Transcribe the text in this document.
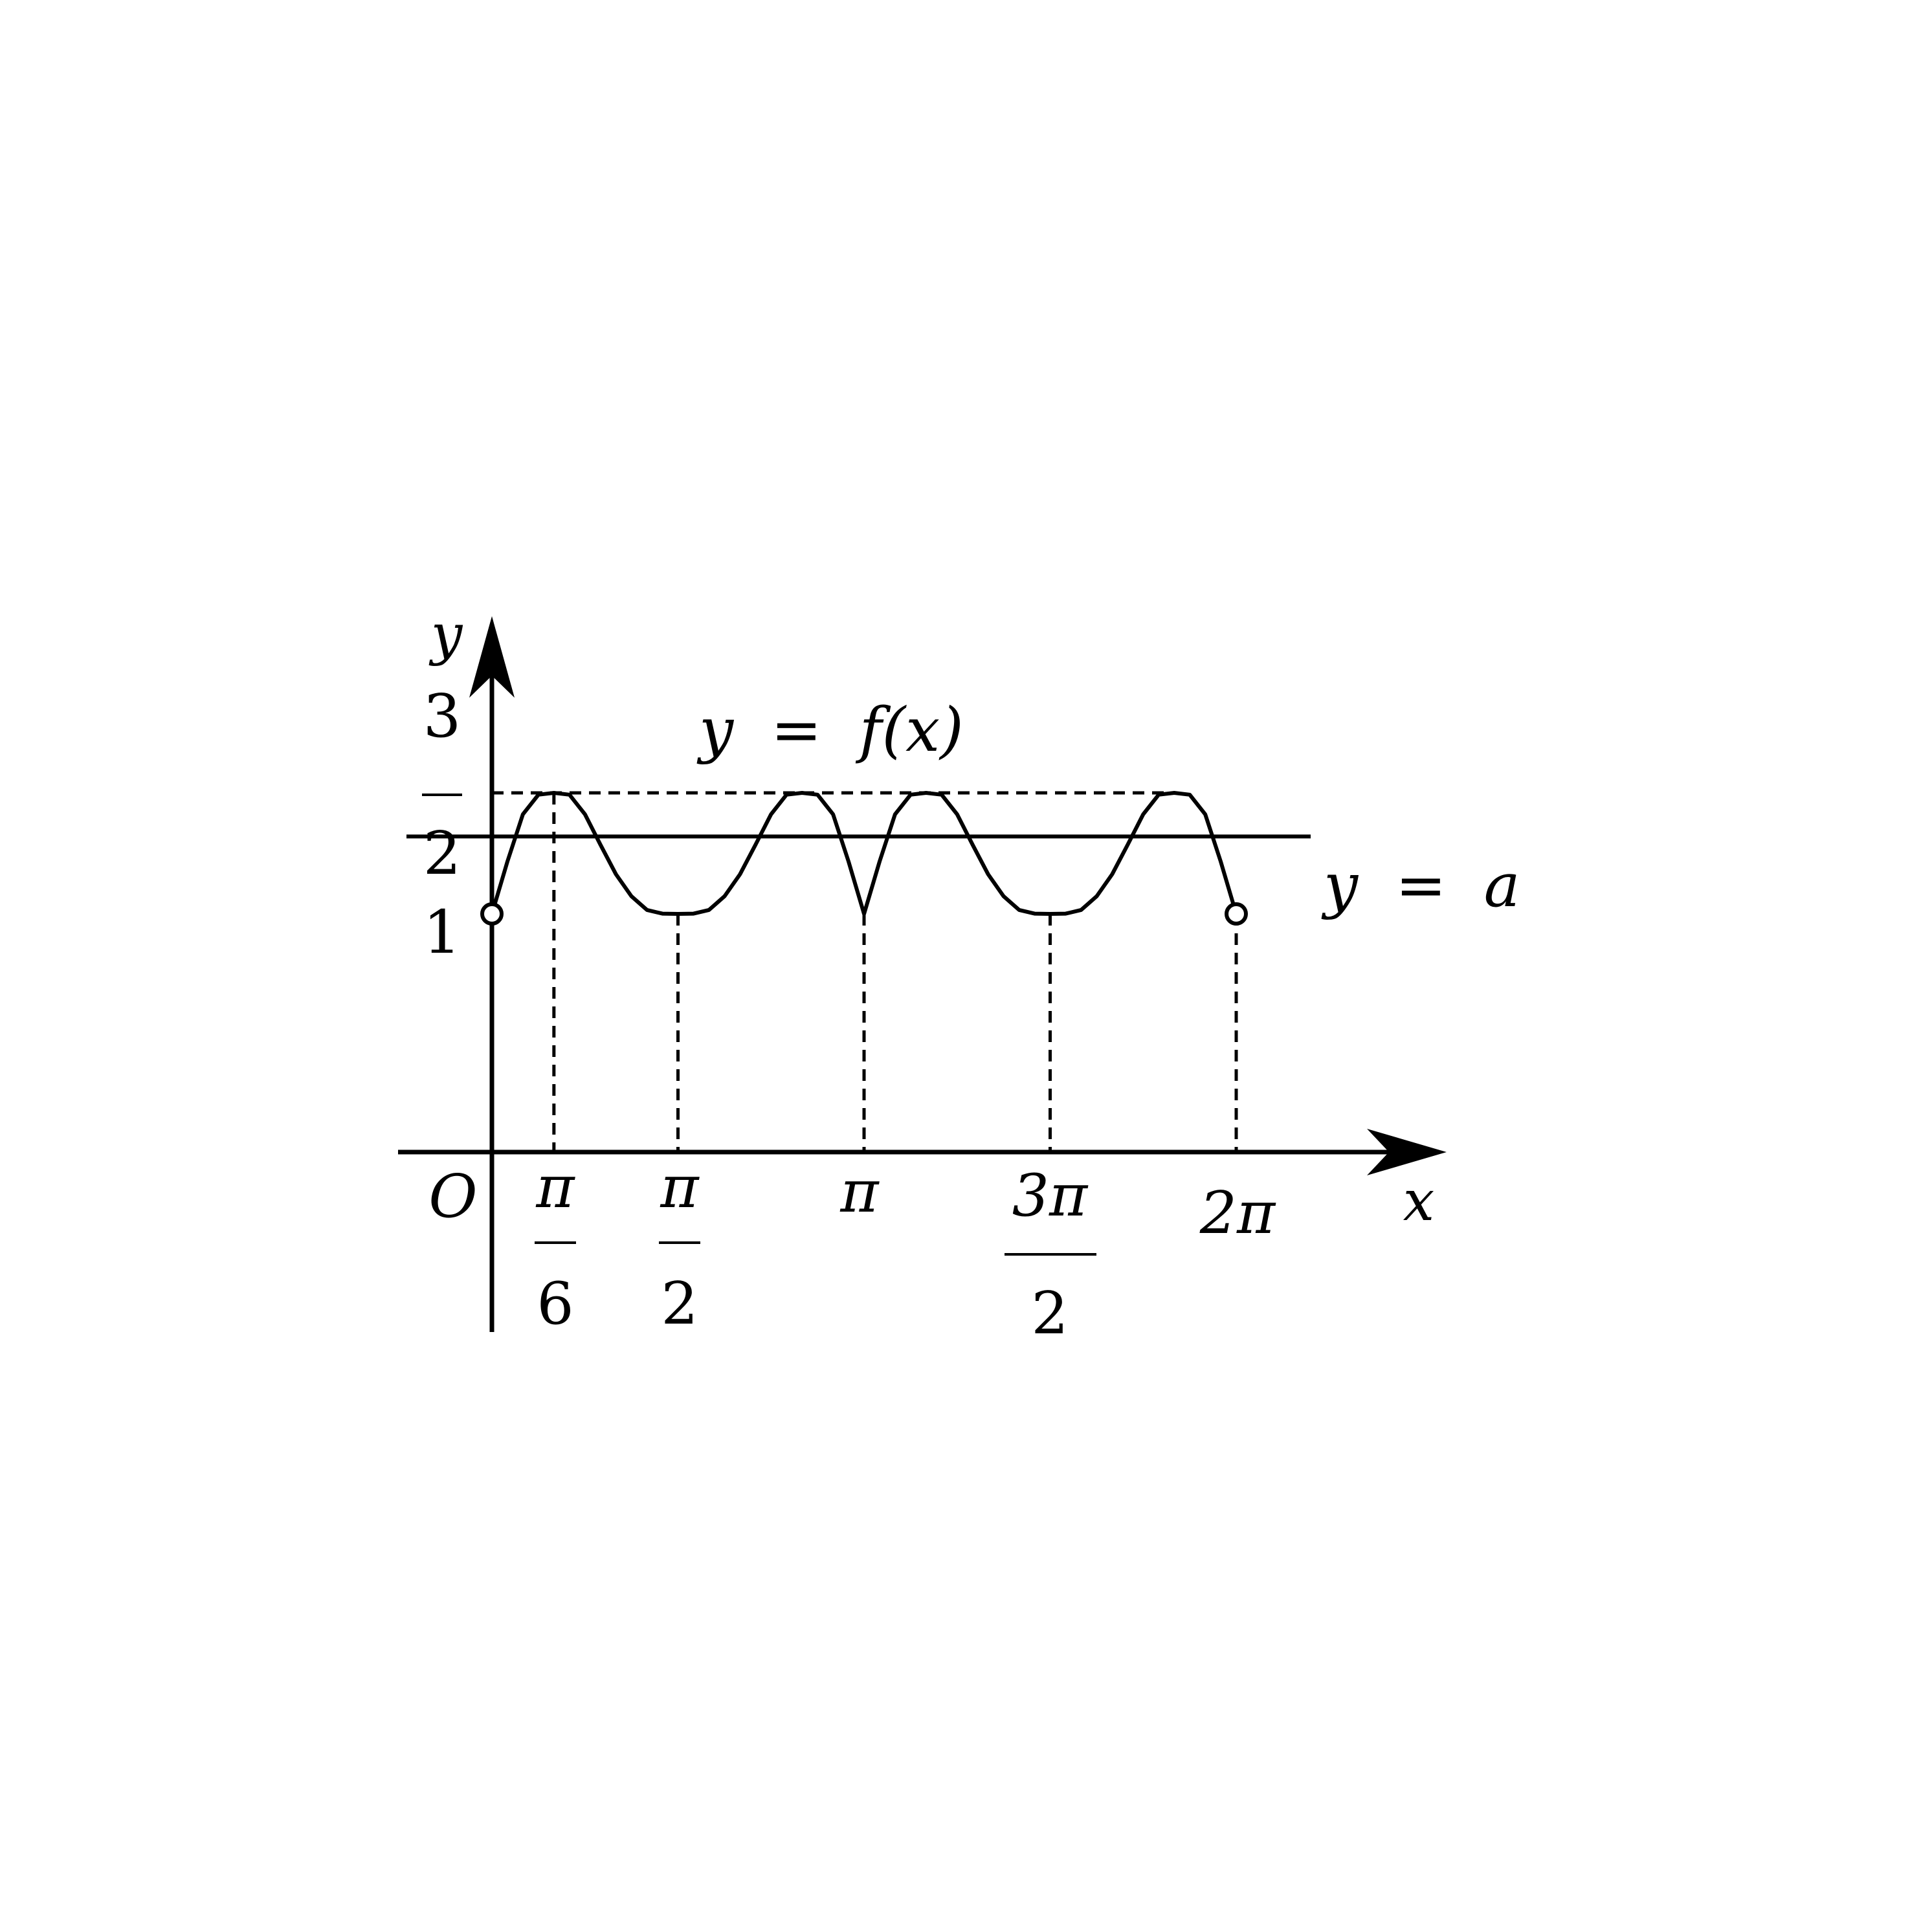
y
x
O
y = f(x)
y = a
3
2
1
π
6
π
2
π 3π
2
2π
